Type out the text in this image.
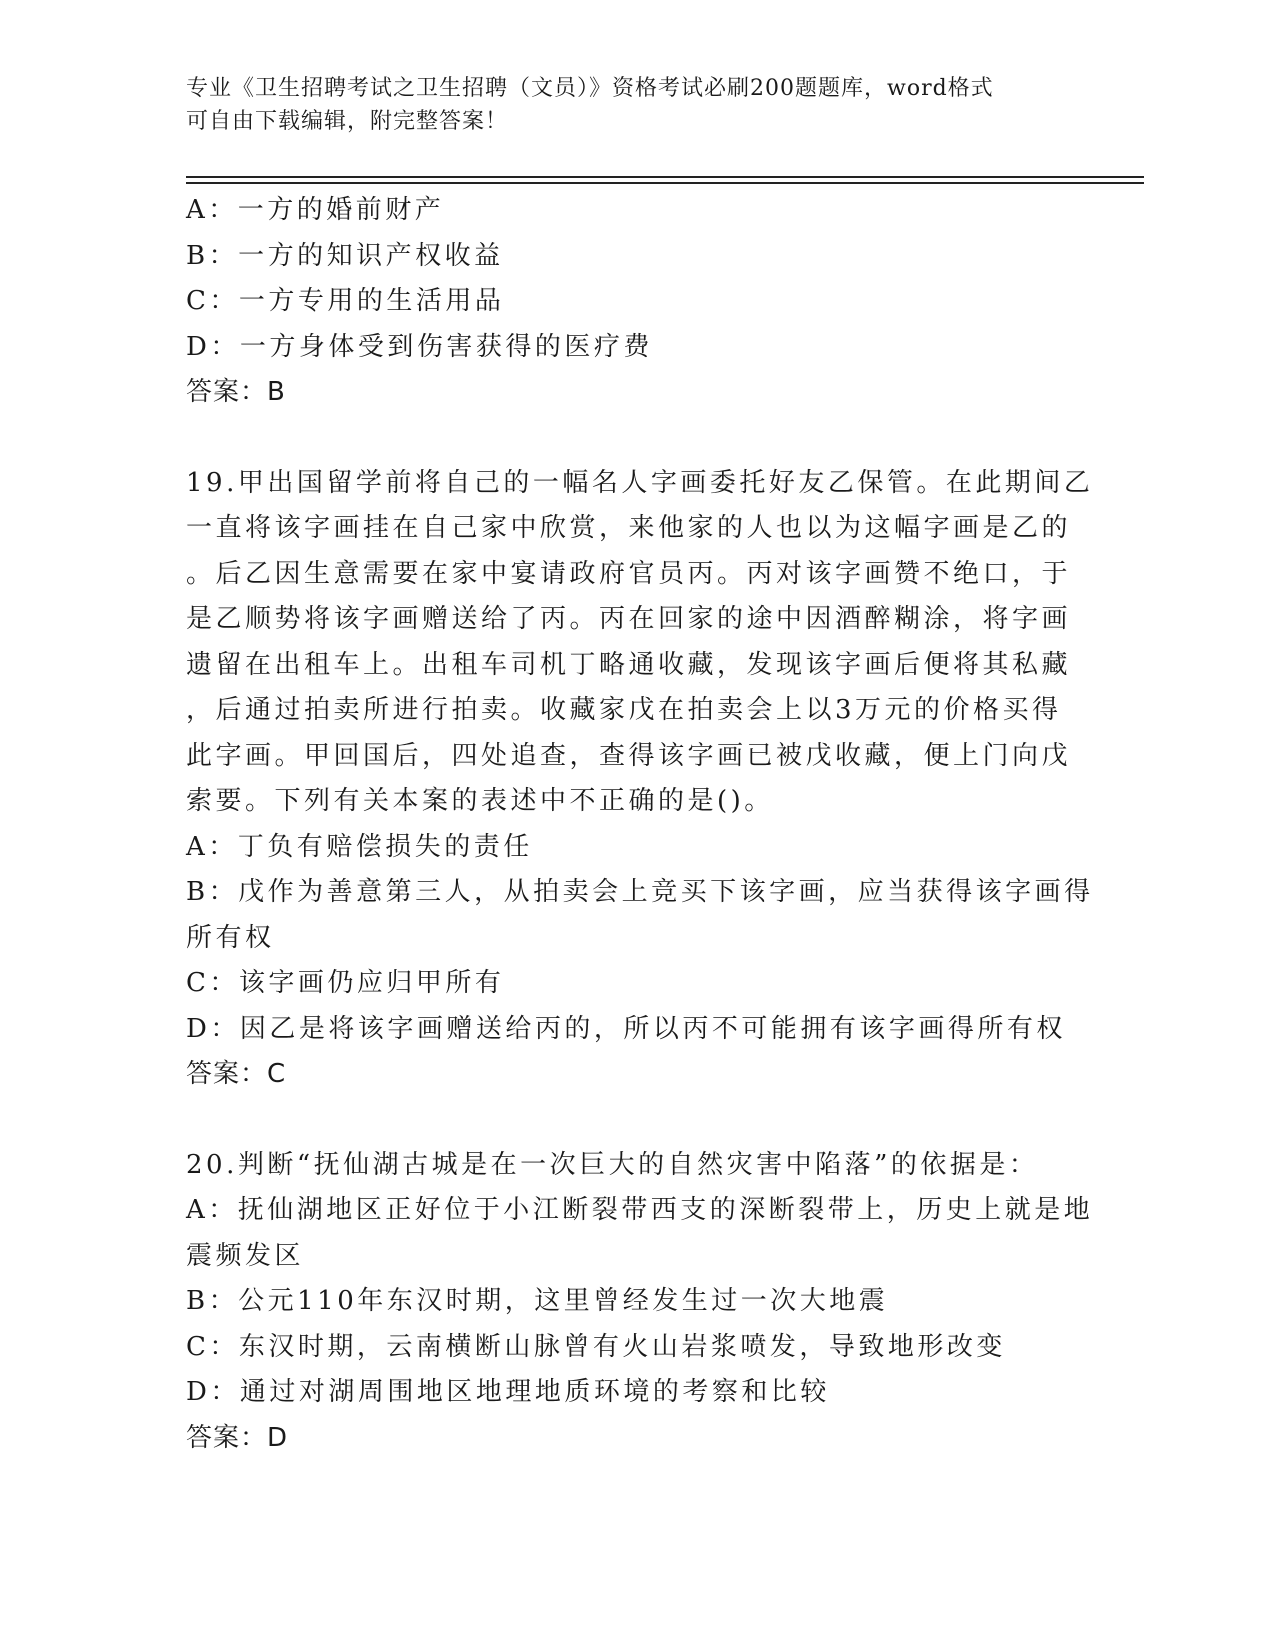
专业《卫生招聘考试之卫生招聘（文员）》资格考试必刷200题题库，word格式
可自由下载编辑，附完整答案！
A：一方的婚前财产
B：一方的知识产权收益
C：一方专用的生活用品
D：一方身体受到伤害获得的医疗费
答案：B
19.甲出国留学前将自己的一幅名人字画委托好友乙保管。在此期间乙
一直将该字画挂在自己家中欣赏，来他家的人也以为这幅字画是乙的
。后乙因生意需要在家中宴请政府官员丙。丙对该字画赞不绝口，于
是乙顺势将该字画赠送给了丙。丙在回家的途中因酒醉糊涂，将字画
遗留在出租车上。出租车司机丁略通收藏，发现该字画后便将其私藏
，后通过拍卖所进行拍卖。收藏家戊在拍卖会上以3万元的价格买得
此字画。甲回国后，四处追查，查得该字画已被戊收藏，便上门向戊
索要。下列有关本案的表述中不正确的是()。
A：丁负有赔偿损失的责任
B：戊作为善意第三人，从拍卖会上竞买下该字画，应当获得该字画得
所有权
C：该字画仍应归甲所有
D：因乙是将该字画赠送给丙的，所以丙不可能拥有该字画得所有权
答案：C
20.判断“抚仙湖古城是在一次巨大的自然灾害中陷落”的依据是：
A：抚仙湖地区正好位于小江断裂带西支的深断裂带上，历史上就是地
震频发区
B：公元110年东汉时期，这里曾经发生过一次大地震
C：东汉时期，云南横断山脉曾有火山岩浆喷发，导致地形改变
D：通过对湖周围地区地理地质环境的考察和比较
答案：D
